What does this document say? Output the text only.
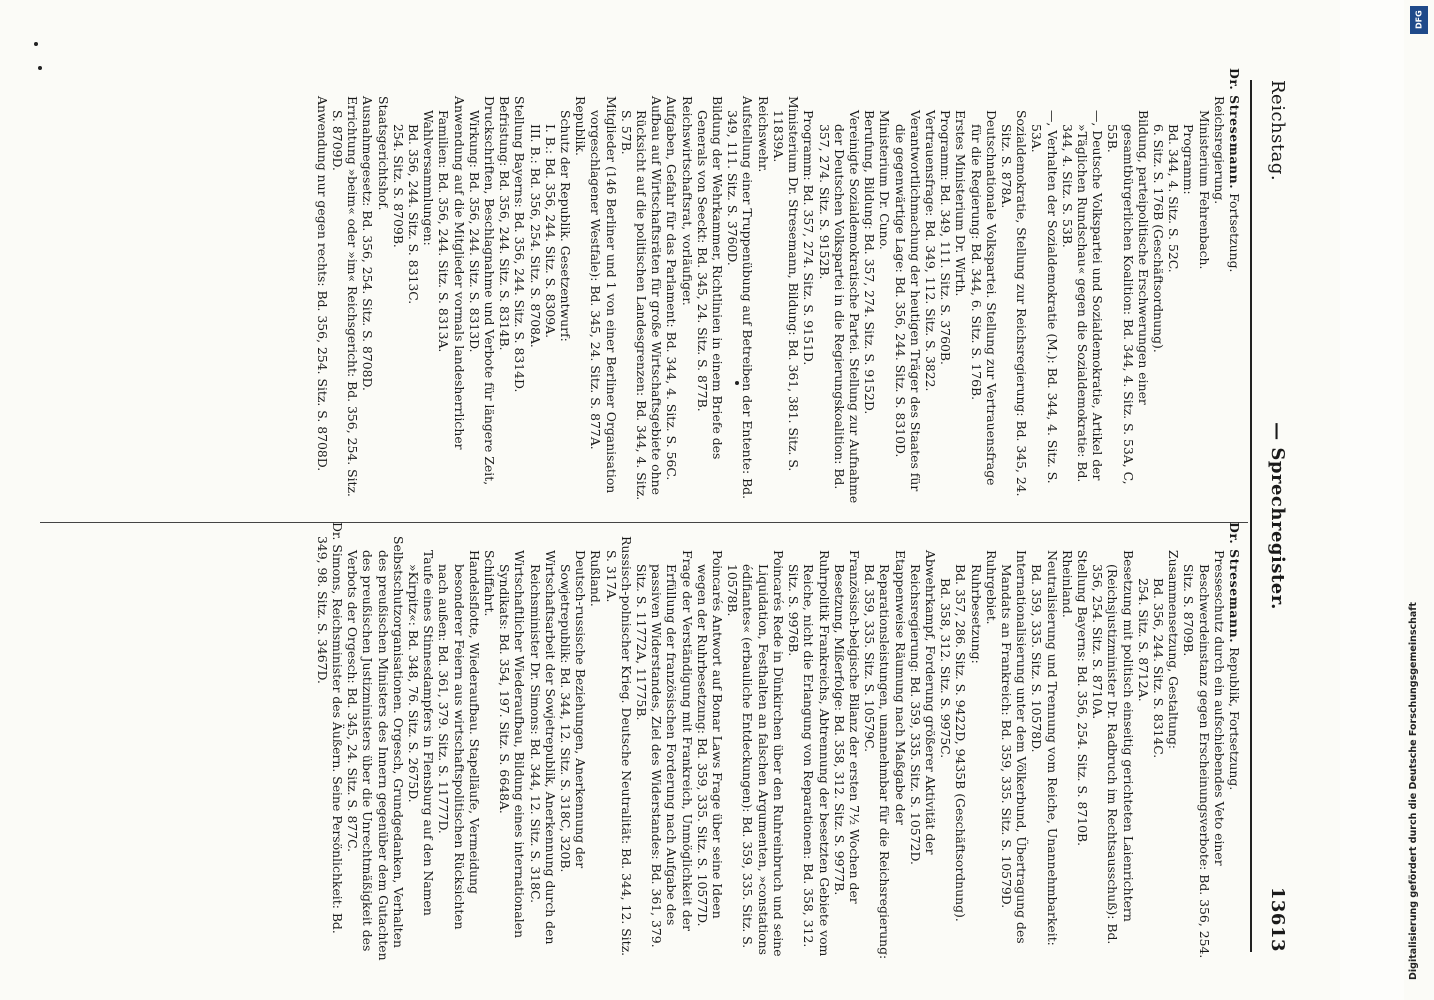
Reichstag.
— Sprechregister.
13613

Dr. Stresemann. Fortsetzung.

Reichsregierung.

Ministerium Fehrenbach.

Programm:

Bd. 344, 4. Sitz. S. 52C.

6. Sitz. S. 176B (Geschäftsordnung).

Bildung, parteipolitische Erschwerungen einer gesamtbürgerlichen Koalition: Bd. 344, 4. Sitz. S. 53A, C, 55B.

—, Deutsche Volkspartei und Sozialdemokratie, Artikel der »Täglichen Rundschau« gegen die Sozialdemokratie: Bd. 344, 4. Sitz. S. 53B.

—, Verhalten der Sozialdemokratie (M.): Bd. 344, 4. Sitz. S. 53A.

Sozialdemokratie, Stellung zur Reichsregierung: Bd. 345, 24. Sitz. S. 878A.

Deutschnationale Volkspartei. Stellung zur Vertrauensfrage für die Regierung: Bd. 344, 6. Sitz. S. 176B.

Erstes Ministerium Dr. Wirth.

Programm: Bd. 349, 111. Sitz. S. 3760B.

Vertrauensfrage: Bd. 349, 112. Sitz. S. 3822.

Verantwortlichmachung der heutigen Träger des Staates für die gegenwärtige Lage: Bd. 356, 244. Sitz. S. 8310D.

Ministerium Dr. Cuno.

Berufung, Bildung: Bd. 357, 274. Sitz. S. 9152D.

Vereinigte Sozialdemokratische Partei. Stellung zur Aufnahme der Deutschen Volkspartei in die Regierungskoalition: Bd. 357, 274. Sitz. S. 9152B.

Programm: Bd. 357, 274. Sitz. S. 9151D.

Ministerium Dr. Stresemann, Bildung: Bd. 361, 381. Sitz. S. 11839A.

Reichswehr.

Aufstellung einer Truppenübung auf Betreiben der Entente: Bd. 349, 111. Sitz. S. 3760D.

Bildung der Wehrkammer, Richtlinien in einem Briefe des Generals von Seeckt: Bd. 345, 24. Sitz. S. 877B.

Reichswirtschaftsrat, vorläufiger.

Aufgaben, Gefahr für das Parlament: Bd. 344, 4. Sitz. S. 56C.

Aufbau auf Wirtschaftsräten für große Wirtschaftsgebiete ohne Rücksicht auf die politischen Landesgrenzen: Bd. 344, 4. Sitz. S. 57B.

Mitglieder (146 Berliner und 1 von einer Berliner Organisation vorgeschlagener Westfale): Bd. 345, 24. Sitz. S. 877A.

Republik.

Schutz der Republik. Gesetzentwurf:

I. B.: Bd. 356, 244. Sitz. S. 8309A.

III. B.: Bd. 356, 254. Sitz. S. 8708A.

Stellung Bayerns: Bd. 356, 244. Sitz. S. 8314D.

Befristung: Bd. 356, 244. Sitz. S. 8314B.

Druckschriften, Beschlagnahme und Verbote für längere Zeit, Wirkung: Bd. 356, 244. Sitz. S. 8313D.

Anwendung auf die Mitglieder vormals landesherrlicher Familien: Bd. 356, 244. Sitz. S. 8313A.

Wahlversammlungen:

Bd. 356, 244. Sitz. S. 8313C.

254. Sitz. S. 8709B.

Staatsgerichtshof.

Ausnahmegesetz: Bd. 356, 254. Sitz. S. 8708D.

Errichtung »beim« oder »im« Reichsgericht: Bd. 356, 254. Sitz. S. 8709D.

Anwendung nur gegen rechts: Bd. 356, 254. Sitz. S. 8708D.

Dr. Stresemann. Republik, Fortsetzung.

Presseschutz durch ein aufschiebendes Veto einer Beschwerdeinstanz gegen Erscheinungsverbote: Bd. 356, 254. Sitz. S. 8709B.

Zusammensetzung, Gestaltung:

Bd. 356, 244. Sitz. S. 8314C.

254. Sitz. S. 8712A.

Besetzung mit politisch einseitig gerichteten Laienrichtern (Reichsjustizminister Dr. Radbruch im Rechtsausschuß): Bd. 356, 254. Sitz. S. 8710A.

Stellung Bayerns: Bd. 356, 254. Sitz. S. 8710B.

Rheinland.

Neutralisierung und Trennung vom Reiche, Unannehmbarkeit: Bd. 359, 335. Sitz. S. 10578D.

Internationalisierung unter dem Völkerbund, Übertragung des Mandats an Frankreich: Bd. 359, 335. Sitz. S. 10579D.

Ruhrgebiet.

Ruhrbesetzung:

Bd. 357, 286. Sitz. S. 9422D, 9435B (Geschäftsordnung).

Bd. 358, 312. Sitz. S. 9975C.

Abwehrkampf, Forderung größerer Aktivität der Reichsregierung: Bd. 359, 335. Sitz. S. 10572D.

Etappenweise Räumung nach Maßgabe der Reparationsleistungen, unannehmbar für die Reichsregierung: Bd. 359, 335. Sitz. S. 10579C.

Französisch-belgische Bilanz der ersten 7½ Wochen der Besetzung, Mißerfolge: Bd. 358, 312. Sitz. S. 9977B.

Ruhrpolitik Frankreichs, Abtrennung der besetzten Gebiete vom Reiche, nicht die Erlangung von Reparationen: Bd. 358, 312. Sitz. S. 9976B.

Poincarés Rede in Dünkirchen über den Ruhreinbruch und seine Liquidation, Festhalten an falschen Argumenten, »constations édifiantes« (erbauliche Entdeckungen): Bd. 359, 335. Sitz. S. 10578B.

Poincarés Antwort auf Bonar Laws Frage über seine Ideen wegen der Ruhrbesetzung: Bd. 359, 335. Sitz. S. 10577D.

Frage der Verständigung mit Frankreich, Unmöglichkeit der Erfüllung der französischen Forderung nach Aufgabe des passiven Widerstandes, Ziel des Widerstandes: Bd. 361, 379. Sitz. S. 11772A, 11775B.

Russisch-polnischer Krieg. Deutsche Neutralität: Bd. 344, 12. Sitz. S. 317A.

Rußland.

Deutsch-russische Beziehungen, Anerkennung der Sowjetrepublik: Bd. 344, 12. Sitz. S. 318C, 320B.

Wirtschaftsarbeit der Sowjetrepublik, Anerkennung durch den Reichsminister Dr. Simons: Bd. 344, 12. Sitz. S. 318C.

Wirtschaftlicher Wiederaufbau, Bildung eines internationalen Syndikats: Bd. 354, 197. Sitz. S. 6648A.

Schiffahrt.

Handelsflotte, Wiederaufbau. Stapelläufe, Vermeidung besonderer Feiern aus wirtschaftspolitischen Rücksichten nach außen: Bd. 361, 379. Sitz. S. 11777D.

Taufe eines Stinnesdampfers in Flensburg auf den Namen »Kirpitz«: Bd. 348, 76. Sitz. S. 2675D.

Selbstschutzorganisationen. Orgesch, Grundgedanken, Verhalten des preußischen Ministers des Innern gegenüber dem Gutachten des preußischen Justizministers über die Unrechtmäßigkeit des Verbots der Orgesch: Bd. 345, 24. Sitz. S. 877C.

Dr. Simons, Reichsminister des Äußern. Seine Persönlichkeit: Bd. 349, 98. Sitz. S. 3467D.

DFG
Digitalisierung gefördert durch die Deutsche Forschungsgemeinschaft
